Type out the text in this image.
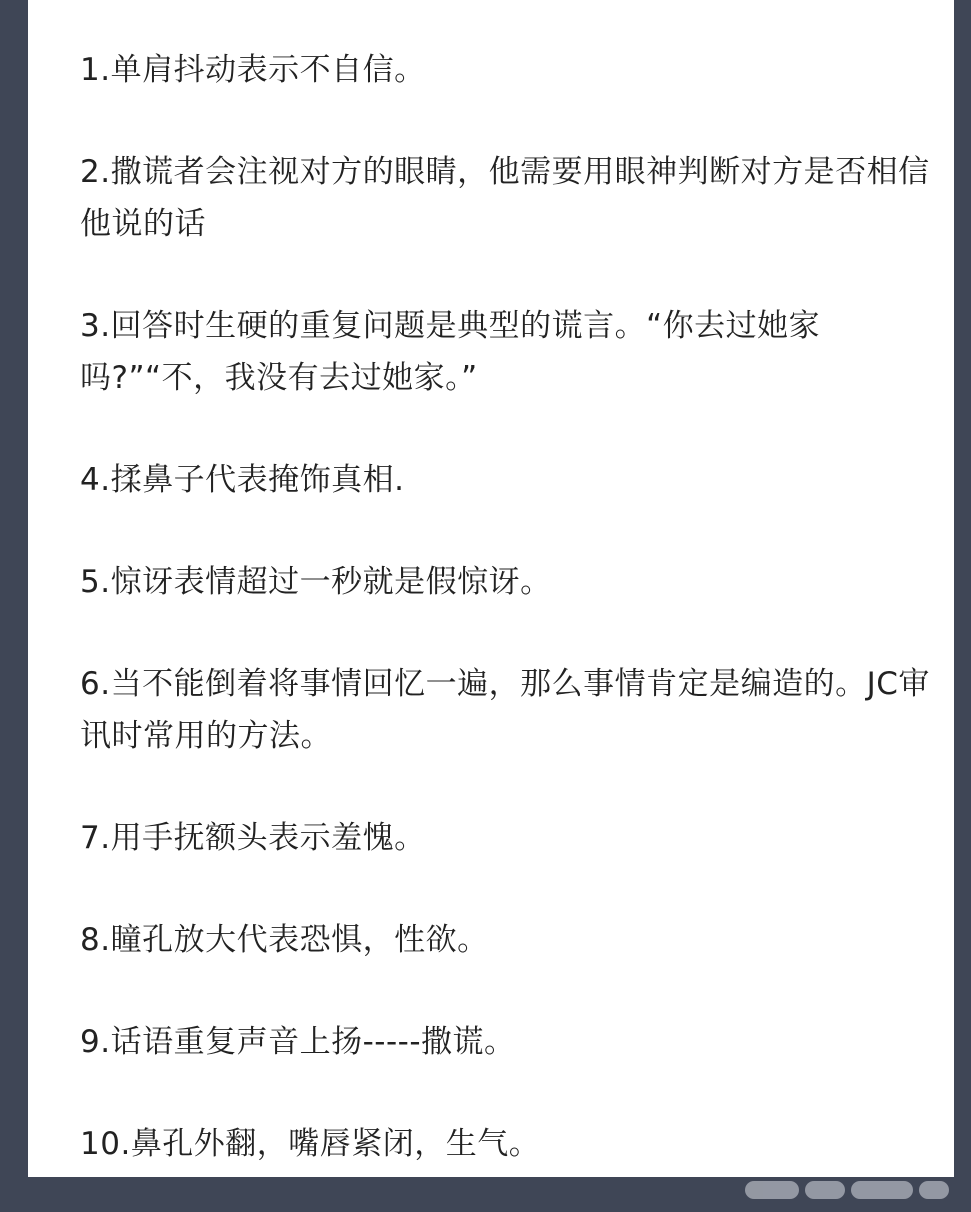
1.单肩抖动表示不自信。
2.撒谎者会注视对方的眼睛，他需要用眼神判断对方是否相信他说的话
3.回答时生硬的重复问题是典型的谎言。“你去过她家吗?”“不，我没有去过她家。”
4.揉鼻子代表掩饰真相.
5.惊讶表情超过一秒就是假惊讶。
6.当不能倒着将事情回忆一遍，那么事情肯定是编造的。JC审讯时常用的方法。
7.用手抚额头表示羞愧。
8.瞳孔放大代表恐惧，性欲。
9.话语重复声音上扬-----撒谎。
10.鼻孔外翻，嘴唇紧闭，生气。
